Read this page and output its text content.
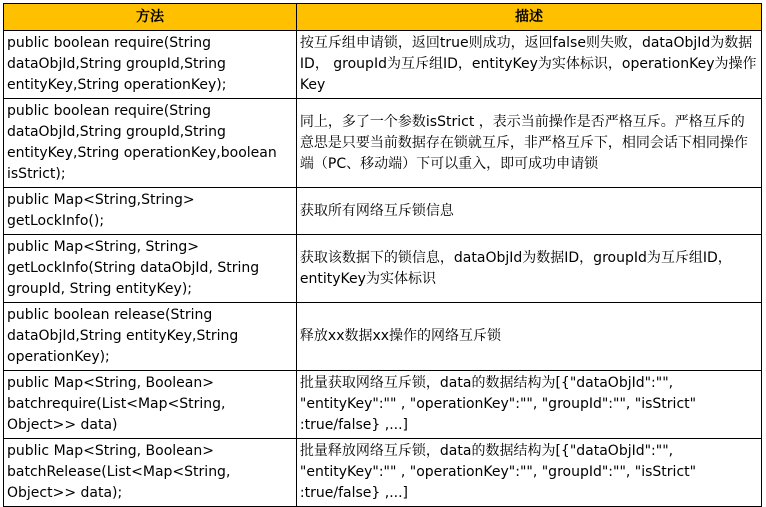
方法	描述
public boolean require(String
dataObjId,String groupId,String
entityKey,String operationKey);	按互斥组申请锁，返回true则成功，返回false则失败，dataObjId为数据ID， groupId为互斥组ID，entityKey为实体标识，operationKey为操作Key
public boolean require(String
dataObjId,String groupId,String
entityKey,String operationKey,boolean
isStrict);	同上，多了一个参数isStrict ，表示当前操作是否严格互斥。严格互斥的意思是只要当前数据存在锁就互斥，非严格互斥下，相同会话下相同操作端（PC、移动端）下可以重入，即可成功申请锁
public Map<String,String>
getLockInfo();	获取所有网络互斥锁信息
public Map<String, String>
getLockInfo(String dataObjId, String
groupId, String entityKey);	获取该数据下的锁信息，dataObjId为数据ID，groupId为互斥组ID，entityKey为实体标识
public boolean release(String
dataObjId,String entityKey,String
operationKey);	释放xx数据xx操作的网络互斥锁
public Map<String, Boolean>
batchrequire(List<Map<String,
Object>> data)	批量获取网络互斥锁，data的数据结构为[{"dataObjId":"", "entityKey":"" , "operationKey":"", "groupId":"", "isStrict" :true/false} ,...]
public Map<String, Boolean>
batchRelease(List<Map<String,
Object>> data);	批量释放网络互斥锁，data的数据结构为[{"dataObjId":"", "entityKey":"" , "operationKey":"", "groupId":"", "isStrict" :true/false} ,...]
